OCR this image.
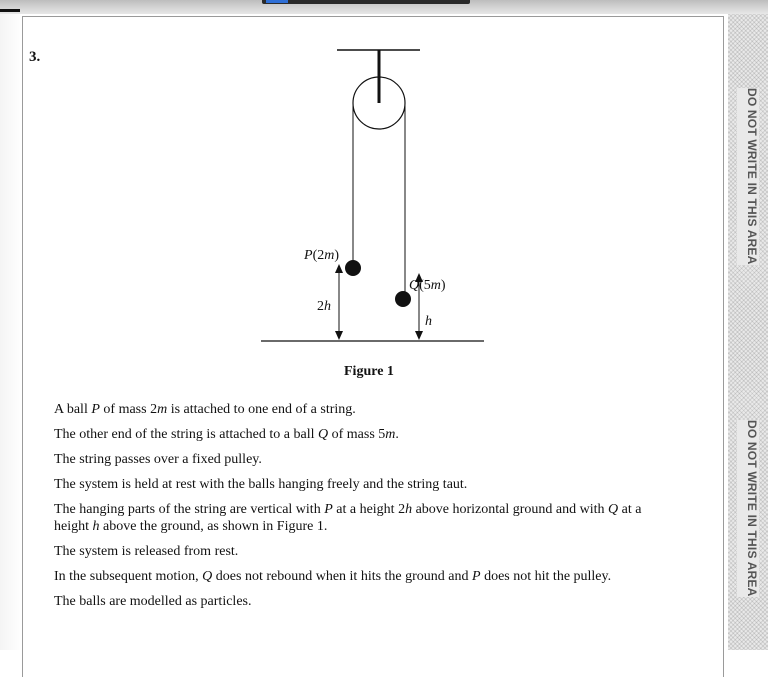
DO NOT WRITE IN THIS AREA
DO NOT WRITE IN THIS AREA
3.
P(2m)
Q(5m)
2h
h
Figure 1

A ball P of mass 2m is attached to one end of a string.

The other end of the string is attached to a ball Q of mass 5m.

The string passes over a fixed pulley.

The system is held at rest with the balls hanging freely and the string taut.

The hanging parts of the string are vertical with P at a height 2h above horizontal ground and with Q at a height h above the ground, as shown in Figure 1.

The system is released from rest.

In the subsequent motion, Q does not rebound when it hits the ground and P does not hit the pulley.

The balls are modelled as particles.
